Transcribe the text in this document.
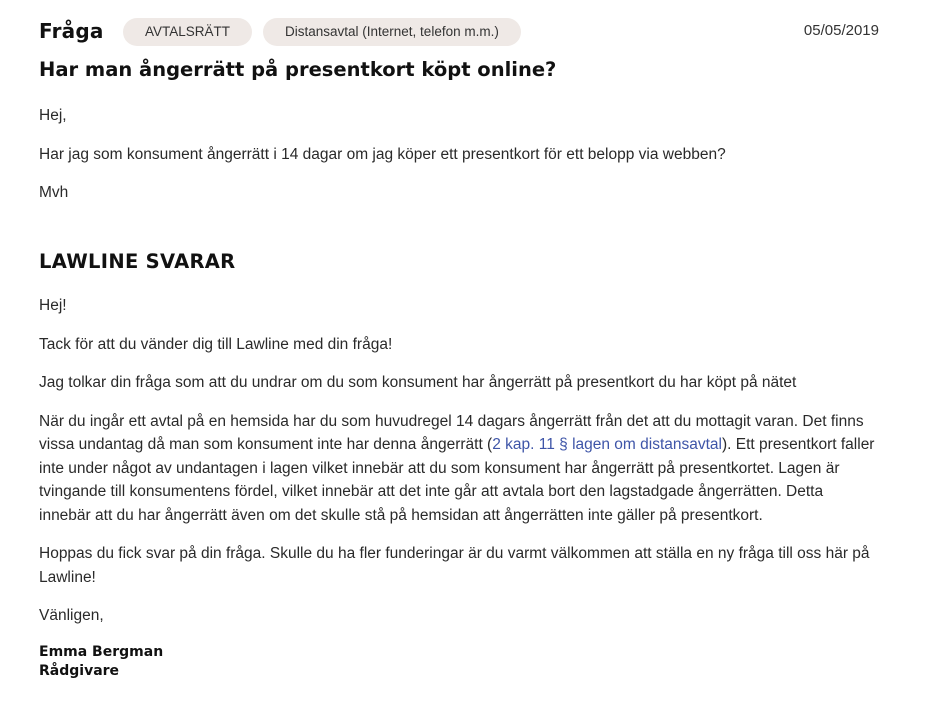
Fråga	AVTALSRÄTT	Distansavtal (Internet, telefon m.m.)	05/05/2019
Har man ångerrätt på presentkort köpt online?

Hej,

Har jag som konsument ångerrätt i 14 dagar om jag köper ett presentkort för ett belopp via webben?

Mvh

LAWLINE SVARAR

Hej!

Tack för att du vänder dig till Lawline med din fråga!

Jag tolkar din fråga som att du undrar om du som konsument har ångerrätt på presentkort du har köpt på nätet

När du ingår ett avtal på en hemsida har du som huvudregel 14 dagars ångerrätt från det att du mottagit varan. Det finns vissa undantag då man som konsument inte har denna ångerrätt (2 kap. 11 § lagen om distansavtal). Ett presentkort faller inte under något av undantagen i lagen vilket innebär att du som konsument har ångerrätt på presentkortet. Lagen är tvingande till konsumentens fördel, vilket innebär att det inte går att avtala bort den lagstadgade ångerrätten. Detta innebär att du har ångerrätt även om det skulle stå på hemsidan att ångerrätten inte gäller på presentkort.

Hoppas du fick svar på din fråga. Skulle du ha fler funderingar är du varmt välkommen att ställa en ny fråga till oss här på Lawline!

Vänligen,

Emma Bergman

Rådgivare
